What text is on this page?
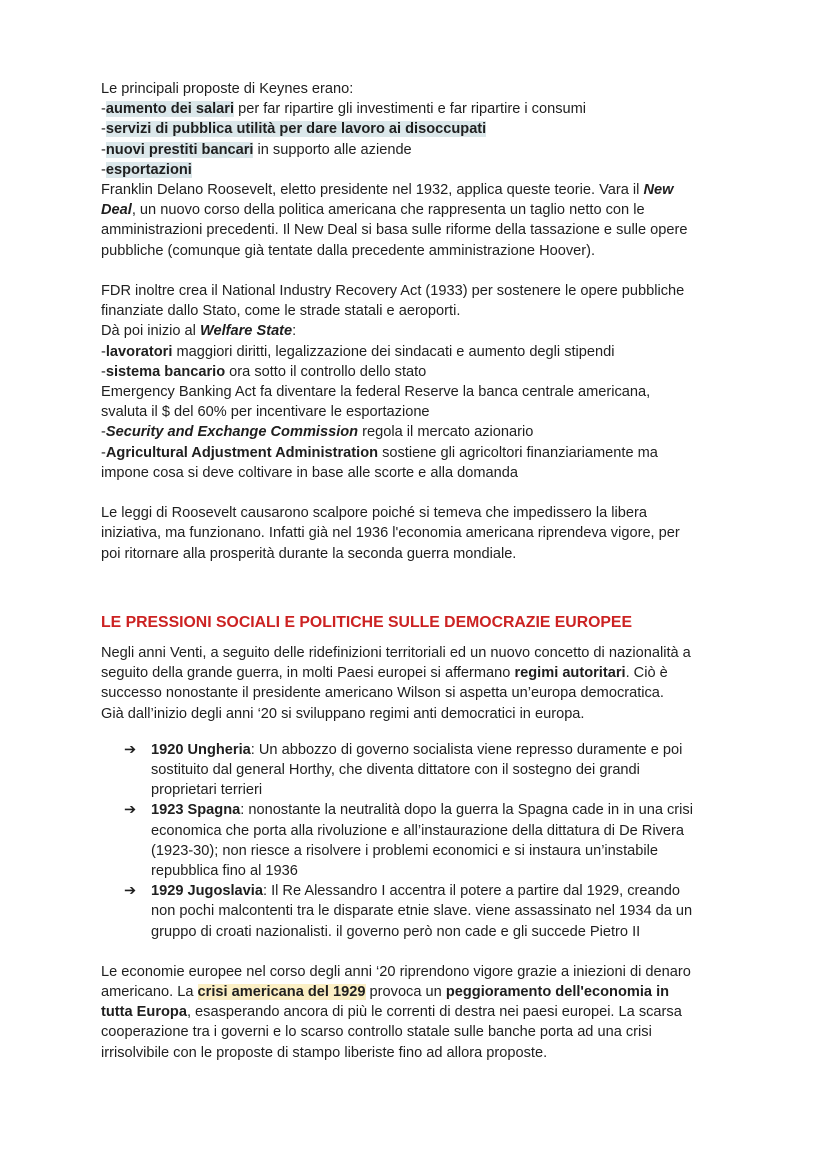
Le principali proposte di Keynes erano:
-aumento dei salari per far ripartire gli investimenti e far ripartire i consumi
-servizi di pubblica utilità per dare lavoro ai disoccupati
-nuovi prestiti bancari in supporto alle aziende
-esportazioni
Franklin Delano Roosevelt, eletto presidente nel 1932, applica queste teorie. Vara il New
Deal, un nuovo corso della politica americana che rappresenta un taglio netto con le
amministrazioni precedenti. Il New Deal si basa sulle riforme della tassazione e sulle opere
pubbliche (comunque già tentate dalla precedente amministrazione Hoover).
FDR inoltre crea il National Industry Recovery Act (1933) per sostenere le opere pubbliche
finanziate dallo Stato, come le strade statali e aeroporti.
Dà poi inizio al Welfare State:
-lavoratori maggiori diritti, legalizzazione dei sindacati e aumento degli stipendi
-sistema bancario ora sotto il controllo dello stato
Emergency Banking Act fa diventare la federal Reserve la banca centrale americana,
svaluta il $ del 60% per incentivare le esportazione
-Security and Exchange Commission regola il mercato azionario
-Agricultural Adjustment Administration sostiene gli agricoltori finanziariamente ma
impone cosa si deve coltivare in base alle scorte e alla domanda
Le leggi di Roosevelt causarono scalpore poiché si temeva che impedissero la libera
iniziativa, ma funzionano. Infatti già nel 1936 l'economia americana riprendeva vigore, per
poi ritornare alla prosperità durante la seconda guerra mondiale.
LE PRESSIONI SOCIALI E POLITICHE SULLE DEMOCRAZIE EUROPEE
Negli anni Venti, a seguito delle ridefinizioni territoriali ed un nuovo concetto di nazionalità a
seguito della grande guerra, in molti Paesi europei si affermano regimi autoritari. Ciò è
successo nonostante il presidente americano Wilson si aspetta un’europa democratica.
Già dall’inizio degli anni ‘20 si sviluppano regimi anti democratici in europa.
➔ 1920 Ungheria: Un abbozzo di governo socialista viene represso duramente e poi
sostituito dal general Horthy, che diventa dittatore con il sostegno dei grandi
proprietari terrieri
➔ 1923 Spagna: nonostante la neutralità dopo la guerra la Spagna cade in in una crisi
economica che porta alla rivoluzione e all’instaurazione della dittatura di De Rivera
(1923-30); non riesce a risolvere i problemi economici e si instaura un’instabile
repubblica fino al 1936
➔ 1929 Jugoslavia: Il Re Alessandro I accentra il potere a partire dal 1929, creando
non pochi malcontenti tra le disparate etnie slave. viene assassinato nel 1934 da un
gruppo di croati nazionalisti. il governo però non cade e gli succede Pietro II
Le economie europee nel corso degli anni ‘20 riprendono vigore grazie a iniezioni di denaro
americano. La crisi americana del 1929 provoca un peggioramento dell'economia in
tutta Europa, esasperando ancora di più le correnti di destra nei paesi europei. La scarsa
cooperazione tra i governi e lo scarso controllo statale sulle banche porta ad una crisi
irrisolvibile con le proposte di stampo liberiste fino ad allora proposte.
